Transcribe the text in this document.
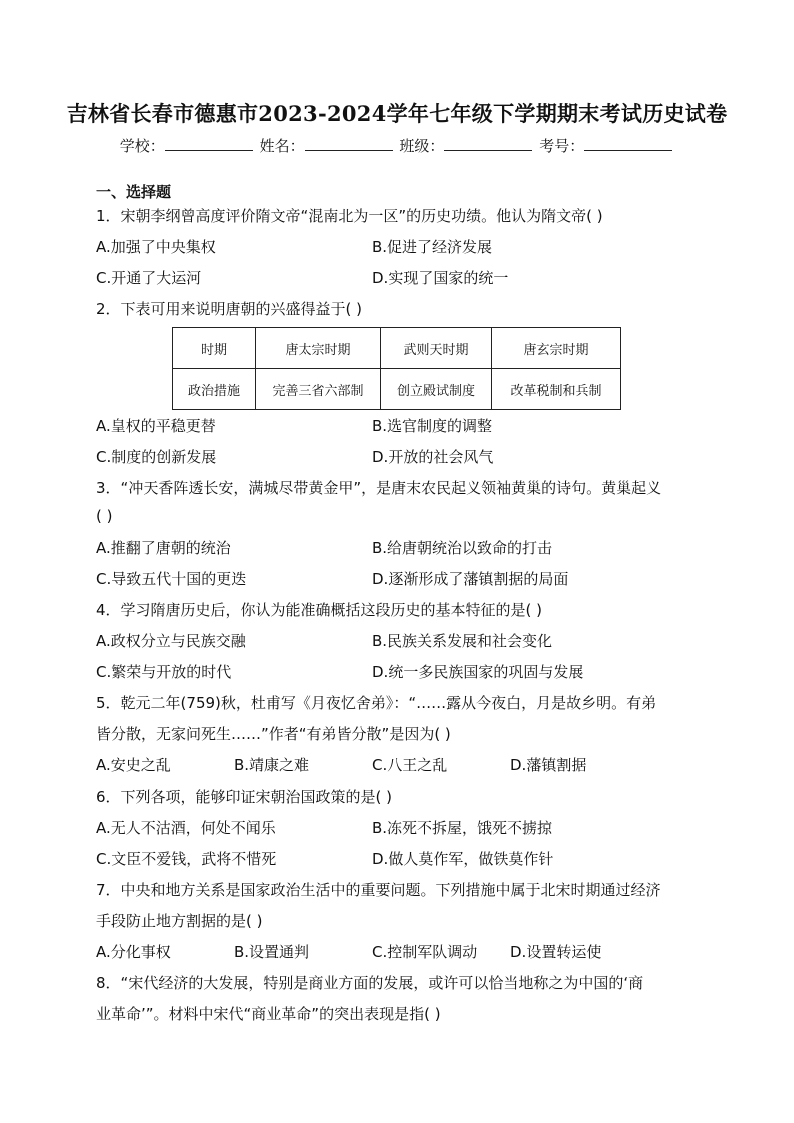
吉林省长春市德惠市2023-2024学年七年级下学期期末考试历史试卷
学校：	姓名：	班级：	考号：
一、选择题
1．宋朝李纲曾高度评价隋文帝“混南北为一区”的历史功绩。他认为隋文帝( )
A.加强了中央集权	B.促进了经济发展
C.开通了大运河	D.实现了国家的统一
2．下表可用来说明唐朝的兴盛得益于( )
时期	唐太宗时期	武则天时期	唐玄宗时期
政治措施	完善三省六部制	创立殿试制度	改革税制和兵制
A.皇权的平稳更替	B.选官制度的调整
C.制度的创新发展	D.开放的社会风气
3．“冲天香阵透长安，满城尽带黄金甲”，是唐末农民起义领袖黄巢的诗句。黄巢起义
( )
A.推翻了唐朝的统治	B.给唐朝统治以致命的打击
C.导致五代十国的更迭	D.逐渐形成了藩镇割据的局面
4．学习隋唐历史后，你认为能准确概括这段历史的基本特征的是( )
A.政权分立与民族交融	B.民族关系发展和社会变化
C.繁荣与开放的时代	D.统一多民族国家的巩固与发展
5．乾元二年(759)秋，杜甫写《月夜忆舍弟》：“……露从今夜白，月是故乡明。有弟
皆分散，无家问死生……”作者“有弟皆分散”是因为( )
A.安史之乱	B.靖康之难	C.八王之乱	D.藩镇割据
6．下列各项，能够印证宋朝治国政策的是( )
A.无人不沽酒，何处不闻乐	B.冻死不拆屋，饿死不掳掠
C.文臣不爱钱，武将不惜死	D.做人莫作军，做铁莫作针
7．中央和地方关系是国家政治生活中的重要问题。下列措施中属于北宋时期通过经济
手段防止地方割据的是( )
A.分化事权	B.设置通判	C.控制军队调动 D.设置转运使
8．“宋代经济的大发展，特别是商业方面的发展，或许可以恰当地称之为中国的‘商
业革命’”。材料中宋代“商业革命”的突出表现是指( )
